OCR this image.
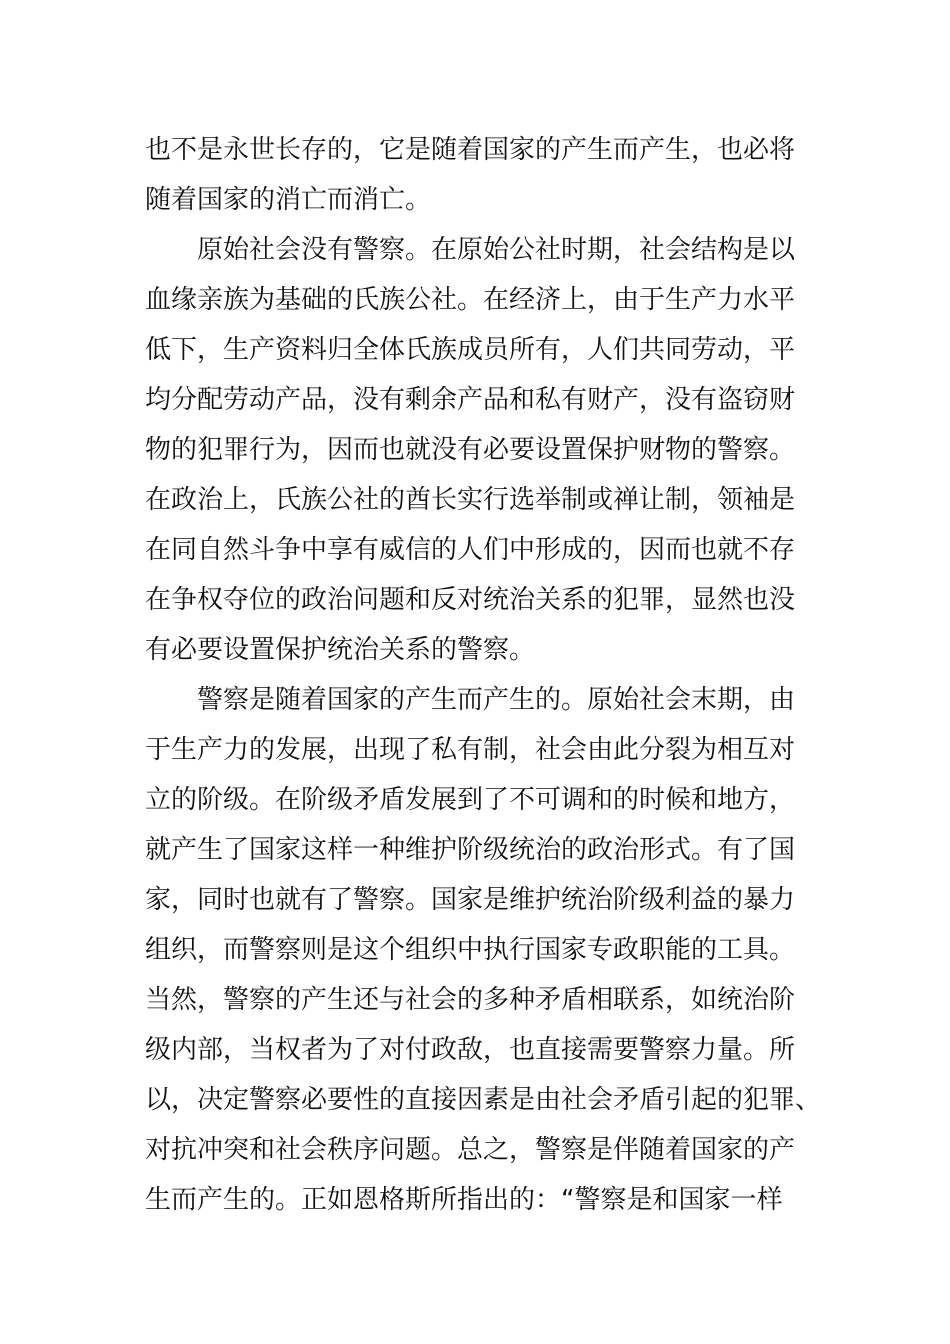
也不是永世长存的，它是随着国家的产生而产生，也必将
随着国家的消亡而消亡。
原始社会没有警察。在原始公社时期，社会结构是以
血缘亲族为基础的氏族公社。在经济上，由于生产力水平
低下，生产资料归全体氏族成员所有，人们共同劳动，平
均分配劳动产品，没有剩余产品和私有财产，没有盗窃财
物的犯罪行为，因而也就没有必要设置保护财物的警察。
在政治上，氏族公社的酋长实行选举制或禅让制，领袖是
在同自然斗争中享有威信的人们中形成的，因而也就不存
在争权夺位的政治问题和反对统治关系的犯罪，显然也没
有必要设置保护统治关系的警察。
警察是随着国家的产生而产生的。原始社会末期，由
于生产力的发展，出现了私有制，社会由此分裂为相互对
立的阶级。在阶级矛盾发展到了不可调和的时候和地方，
就产生了国家这样一种维护阶级统治的政治形式。有了国
家，同时也就有了警察。国家是维护统治阶级利益的暴力
组织，而警察则是这个组织中执行国家专政职能的工具。
当然，警察的产生还与社会的多种矛盾相联系，如统治阶
级内部，当权者为了对付政敌，也直接需要警察力量。所
以，决定警察必要性的直接因素是由社会矛盾引起的犯罪、
对抗冲突和社会秩序问题。总之，警察是伴随着国家的产
生而产生的。正如恩格斯所指出的：“警察是和国家一样
